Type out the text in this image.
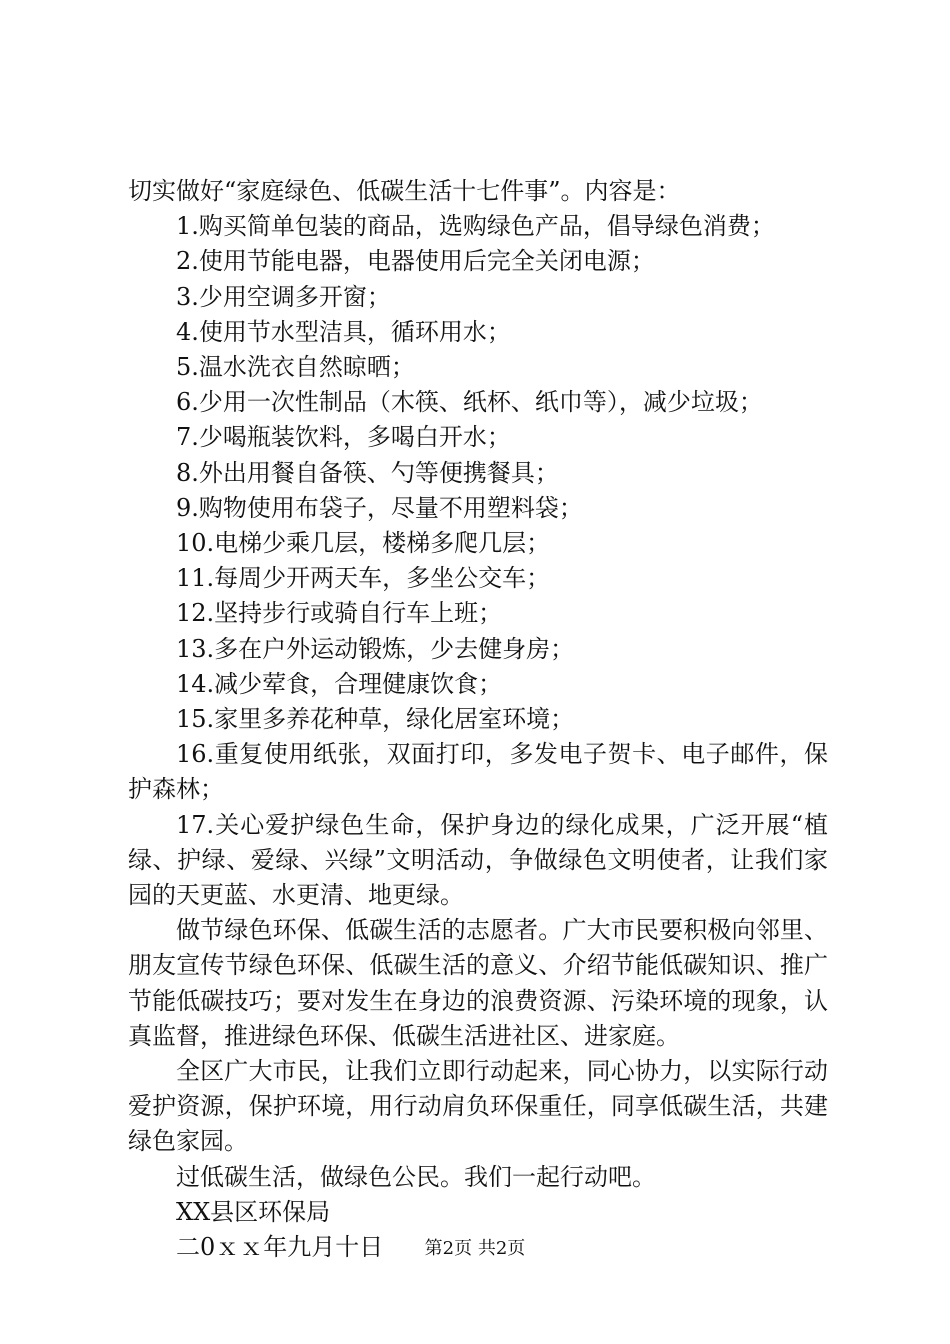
切实做好“家庭绿色、低碳生活十七件事”。内容是：

1.购买简单包装的商品，选购绿色产品，倡导绿色消费；

2.使用节能电器，电器使用后完全关闭电源；

3.少用空调多开窗；

4.使用节水型洁具，循环用水；

5.温水洗衣自然晾晒；

6.少用一次性制品（木筷、纸杯、纸巾等），减少垃圾；

7.少喝瓶装饮料，多喝白开水；

8.外出用餐自备筷、勺等便携餐具；

9.购物使用布袋子，尽量不用塑料袋；

10.电梯少乘几层，楼梯多爬几层；

11.每周少开两天车，多坐公交车；

12.坚持步行或骑自行车上班；

13.多在户外运动锻炼，少去健身房；

14.减少荤食，合理健康饮食；

15.家里多养花种草，绿化居室环境；

16.重复使用纸张，双面打印，多发电子贺卡、电子邮件，保护森林；

17.关心爱护绿色生命，保护身边的绿化成果，广泛开展“植绿、护绿、爱绿、兴绿”文明活动，争做绿色文明使者，让我们家园的天更蓝、水更清、地更绿。

做节绿色环保、低碳生活的志愿者。广大市民要积极向邻里、朋友宣传节绿色环保、低碳生活的意义、介绍节能低碳知识、推广节能低碳技巧；要对发生在身边的浪费资源、污染环境的现象，认真监督，推进绿色环保、低碳生活进社区、进家庭。

全区广大市民，让我们立即行动起来，同心协力，以实际行动爱护资源，保护环境，用行动肩负环保重任，同享低碳生活，共建绿色家园。

过低碳生活，做绿色公民。我们一起行动吧。

XX县区环保局

二0ｘｘ年九月十日	第2页 共2页
